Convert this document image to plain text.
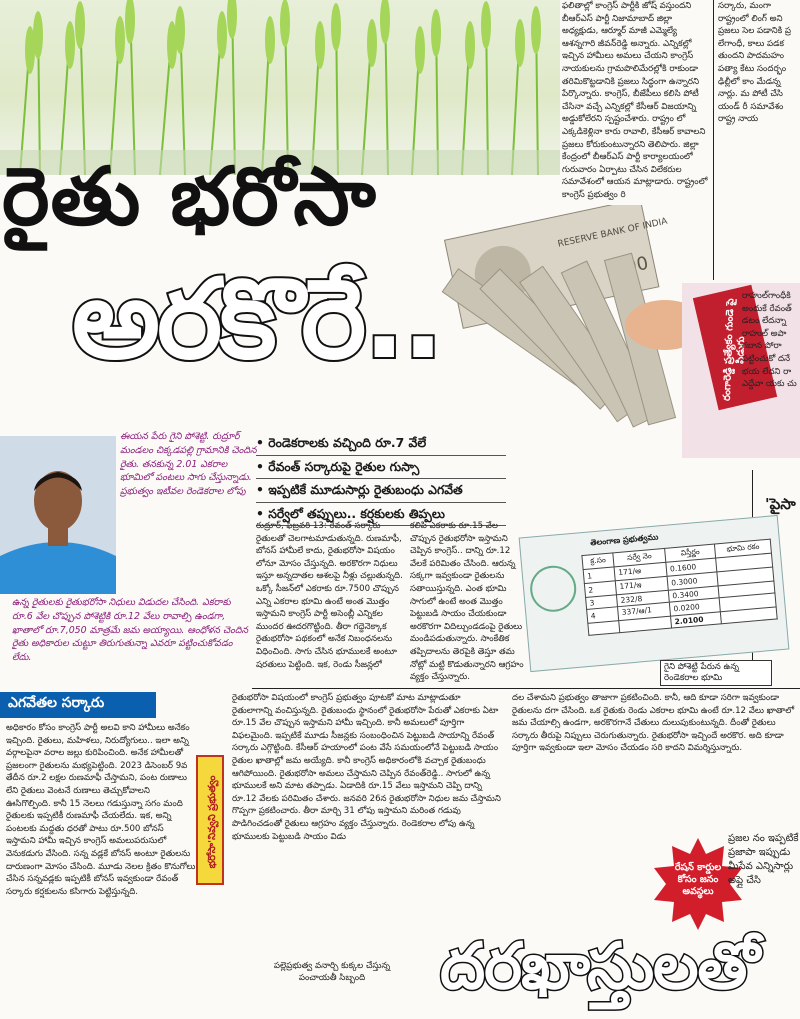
ఫలితాల్లో కాంగ్రెస్ పార్టీకి జోష్ వస్తుందని బీఆర్ఎస్ పార్టీ నిజామాబాద్ జిల్లా అధ్యక్షుడు, ఆర్మూర్ మాజీ ఎమ్మెల్యే ఆశన్నగారి జీవన్‌రెడ్డి అన్నారు. ఎన్నికల్లో ఇచ్చిన హామీలు అమలు చేయని కాంగ్రెస్ నాయకులను గ్రామపొలిమేరల్లోకి రాకుండా తరిమికొట్టడానికి ప్రజలు సిద్ధంగా ఉన్నారని పేర్కొన్నారు. కాంగ్రెస్, బీజేపీలు కలిసి పోటీ చేసినా వచ్చే ఎన్నికల్లో కేసీఆర్ విజయాన్ని అడ్డుకోలేరని స్పష్టంచేశారు. రాష్ట్రం లో ఎక్కడికెళ్లినా కారు రావాలి, కేసీఆర్ కావాలని ప్రజలు కోరుకుంటున్నారని తెలిపారు. జిల్లా కేంద్రంలో బీఆర్ఎస్ పార్టీ కార్యాలయంలో గురువారం ఏర్పాటు చేసిన విలేకరుల సమావేశంలో ఆయన మాట్లాడారు. రాష్ట్రంలో కాంగ్రెస్ ప్రభుత్వం రి
సర్కారు, మంగా రాష్ట్రంలో లింగ్ అని ప్రజలు సెల పడానికి ప్ర లేగాంధీ, కాలు పడక తుందని పాదమహం పత్యా కేటు సందర్భం ఢిల్లీలో కాం మేడన్న నార్లు. మ పోటీ చేసి యండ్ రీ సమావేశం రాష్ట్ర నాయ
రైతు భరోసా
అరకొరే..
RESERVE BANK OF INDIA
రంగారెడ్డి ప్రత్యేకం గుండె పై పిడుగు
రాహుల్‌గాంధీకి అందుకే రేవంత్ డటం లేదన్నా రాహుల్ అపా గబాన పోరా పట్టించుకో దనే భయ లేదని రా ఎద్దేవా యకు చు
'పైసా
• రెండెకరాలకు వచ్చింది రూ.7 వేలే
• రేవంత్ సర్కారుపై రైతుల గుస్సా
• ఇప్పటికే మూడుసార్లు రైతుబంధు ఎగవేత
• సర్వేలో తప్పులు.. కర్షకులకు తిప్పలు
ఈయన పేరు గైని పోశెట్టి. రుద్రూర్ మండలం చిక్కడపల్లి గ్రామానికి చెందిన రైతు. తనకున్న 2.01 ఎకరాల భూమిలో పంటలు సాగు చేస్తున్నాడు. ప్రభుత్వం ఇటీవల రెండెకరాల లోపు
ఉన్న రైతులకు రైతుభరోసా నిధులు విడుదల చేసింది. ఎకరాకు రూ.6 వేల చొప్పున పోశెట్టికి రూ.12 వేలు రావాల్సి ఉండగా, ఖాతాలో రూ.7,050 మాత్రమే జమ అయ్యాయి. ఆంధోళన చెందిన రైతు అధికారుల చుట్టూ తిరుగుతున్నా ఎవరూ పట్టించుకోవడం లేదు.
రుద్రూర్, ఫిబ్రవరి 13: రేవంత్ సర్కారు రైతులతో చెలగాటమాడుతున్నది. రుణమాఫీ, బోనస్ హామీలే కాదు, రైతుభరోసా విషయం లోనూ మోసం చేస్తున్నది. అరకొరగా నిధులు ఇస్తూ అన్నదాతల ఆశలపై నీళ్లు చల్లుతున్నది. ఒక్కో సీజన్‌లో ఎకరాకు రూ.7500 చొప్పున ఎన్ని ఎకరాల భూమి ఉంటే అంత మొత్తం ఇస్తామని కాంగ్రెస్ పార్టీ అసెంబ్లీ ఎన్నికల ముందర ఊదరగొట్టింది. తీరా గద్దెనెక్కాక రైతుభరోసా పథకంలో అనేక నిబంధనలను విధించింది. సాగు చేసిన భూములకే అంటూ షరతులు పెట్టింది. ఇక, రెండు సీజన్లలో
కలిపి ఎకరాకు రూ.15 వేల చొప్పున రైతుభరోసా ఇస్తామని చెప్పిన కాంగ్రెస్.. దాన్ని రూ.12 వేలకే పరిమితం చేసింది. ఆరున్న సక్కగా ఇవ్వకుండా రైతులను సతాయిస్తున్నది. ఎంత భూమి సాగులో ఉంటే అంత మొత్తం పెట్టుబడి సాయం చేయకుండా అరకొరగా విదిల్చుండడంపై రైతులు మండిపడుతున్నారు. సాంకేతిక తప్పిదాలను తెరపైకి తెస్తూ తమ నోట్లో మట్టి కొడుతున్నారని ఆగ్రహం వ్యక్తం చేస్తున్నారు.
తెలంగాణ ప్రభుత్వము
క్ర.సం	సర్వే నెం	విస్తీర్ణం	భూమి రకం
1	171/ఆ	0.1600	
2	171/ఇ	0.3000	
3	232/8	0.3400	
4	337/ఆ/1	0.0200	
		2.0100	
గైని పోశెట్టి పేరున ఉన్న రెండెకరాల భూమి
ఎగవేతల సర్కారు
అధికారం కోసం కాంగ్రెస్ పార్టీ అలవి కాని హామీలు అనేకం ఇచ్చింది. రైతులు, మహిళలు, నిరుద్యోగులు.. ఇలా అన్ని వర్గాలపైనా వరాల జల్లు కురిపించింది. అనేక హామీలతో ప్రజలంగా రైతులను మభ్యపెట్టింది. 2023 డిసెంబర్ 9వ తేదీన రూ.2 లక్షల రుణమాఫీ చేస్తామని, పంట రుణాలు లేని రైతులు వెంటనే రుణాలు తెచ్చుకోవాలని ఊసిగొల్పింది. కానీ 15 నెలలు గడుస్తున్నా సగం మంది రైతులకు ఇప్పటికీ రుణమాఫీ చేయలేదు. ఇక, అన్ని పంటలకు మద్దతు ధరతో పాటు రూ.500 బోనస్ ఇస్తామని హామీ ఇచ్చిన కాంగ్రెస్ అమలుపరుసులో వెనుకడుగు వేసింది. సన్న వడ్లకే బోనస్ అంటూ రైతులను దారుణంగా మోసం చేసింది. మూడు నెలల క్రితం కొనుగోలు చేసిన సన్నవడ్లకు ఇప్పటికీ బోనస్ ఇవ్వకుండా రేవంత్ సర్కారు కర్షకులను కసిగారు పెట్టిస్తున్నది.
భరోసా'నివ్వని ప్రభుత్వం
రైతుభరోసా విషయంలో కాంగ్రెస్ ప్రభుత్వం పూటకో మాట మాట్లాడుతూ రైతులాగాన్ని వంచిస్తున్నది. రైతుబంధు స్థానంలో రైతుభరోసా పేరుతో ఎకరాకు ఏటా రూ.15 వేల చొప్పున ఇస్తామని హామీ ఇచ్చింది. కానీ అమలులో పూర్తిగా విఫలమైంది. ఇప్పటికే మూడు సీజన్లకు సంబంధించిన పెట్టుబడి సాయాన్ని రేవంత్ సర్కారు ఎగ్గొట్టింది. కేసీఆర్ హయాంలో పంట వేసే సమయంలోనే పెట్టుబడి సాయం రైతుల ఖాతాల్లో జమ అయ్యేది. కానీ కాంగ్రెస్ అధికారంలోకి వచ్చాక రైతుబంధు ఆగిపోయింది. రైతుభరోసా అమలు చేస్తామని చెప్పిన రేవంత్‌రెడ్డి.. సాగులో ఉన్న భూములకే అని మాట తప్పాడు. ఏడాదికి రూ.15 వేలు ఇస్తామని చెప్పి దాన్ని రూ.12 వేలకు పరిమితం చేశారు. జనవరి 26న రైతుభరోసా నిధుల జమ చేస్తామని గొప్పగా ప్రకటించారు. తీరా మార్చి 31 లోపు ఇస్తామని మరింత గడువు పొడిగించడంతో రైతులు ఆగ్రహం వ్యక్తం చేస్తున్నారు. రెండెకరాల లోపు ఉన్న భూములకు పెట్టుబడి సాయం విడు
దల చేశామని ప్రభుత్వం తాజాగా ప్రకటించింది. కానీ, ఆది కూడా సరిగా ఇవ్వకుండా రైతులను దగా చేసింది. ఒక రైతుకు రెండు ఎకరాల భూమి ఉంటే రూ.12 వేలు ఖాతాలో జమ చేయాల్సి ఉండగా, అరకొరగానే చేతులు దులుపుకుంటున్నది. దీంతో రైతులు సర్కారు తీరుపై నిప్పులు చెరుగుతున్నారు. రైతుభరోసా ఇచ్చిందే అరకొర. అది కూడా పూర్తిగా ఇవ్వకుండా ఇలా మోసం చేయడం సరి కాదని విమర్శిస్తున్నారు.
రేషన్ కార్డుల కోసం జనం అవస్థలు
ప్రజల నం ఇప్పటికే ప్రజాపా ఇప్పుడు మీసేవ ఎన్నిసార్లు అప్లై చేసి
పల్లెప్రభుత్వ వనార్చి కుక్కల చేస్తున్న పంచాయతీ సిబ్బంది	దరఖాస్తులతో
